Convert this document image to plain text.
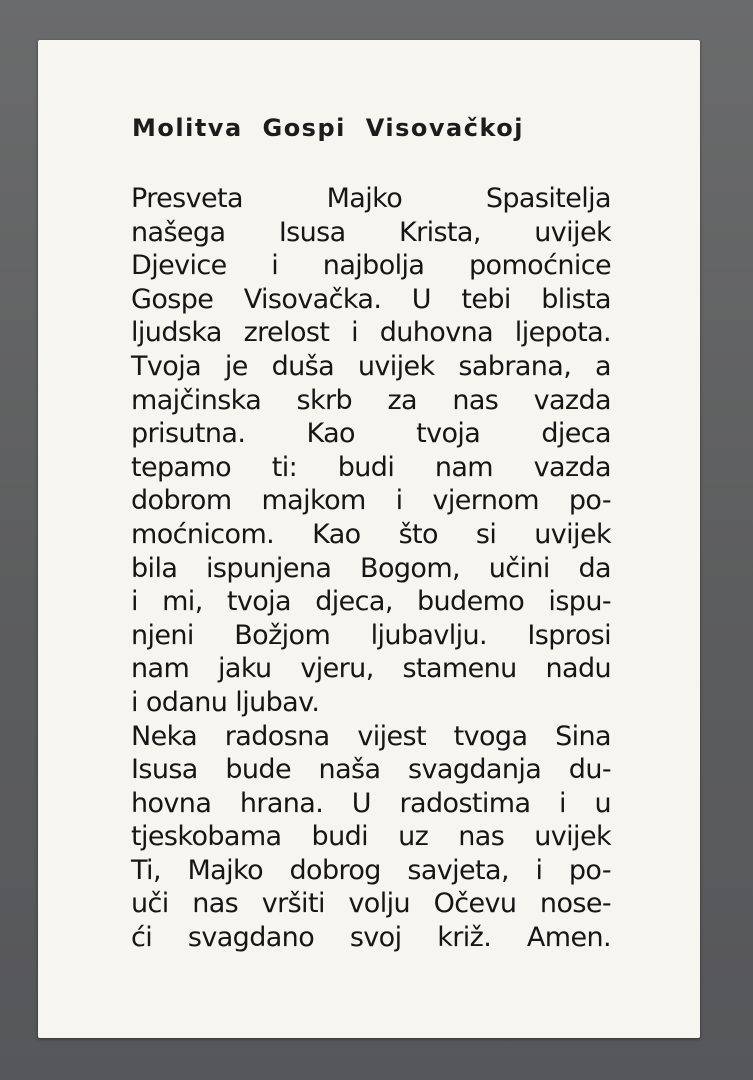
Molitva Gospi Visovačkoj
Presveta Majko Spasitelja
našega Isusa Krista, uvijek
Djevice i najbolja pomoćnice
Gospe Visovačka. U tebi blista
ljudska zrelost i duhovna ljepota.
Tvoja je duša uvijek sabrana, a
majčinska skrb za nas vazda
prisutna. Kao tvoja djeca
tepamo ti: budi nam vazda
dobrom majkom i vjernom po-
moćnicom. Kao što si uvijek
bila ispunjena Bogom, učini da
i mi, tvoja djeca, budemo ispu-
njeni Božjom ljubavlju. Isprosi
nam jaku vjeru, stamenu nadu
i odanu ljubav.
Neka radosna vijest tvoga Sina
Isusa bude naša svagdanja du-
hovna hrana. U radostima i u
tjeskobama budi uz nas uvijek
Ti, Majko dobrog savjeta, i po-
uči nas vršiti volju Očevu nose-
ći svagdano svoj križ. Amen.
